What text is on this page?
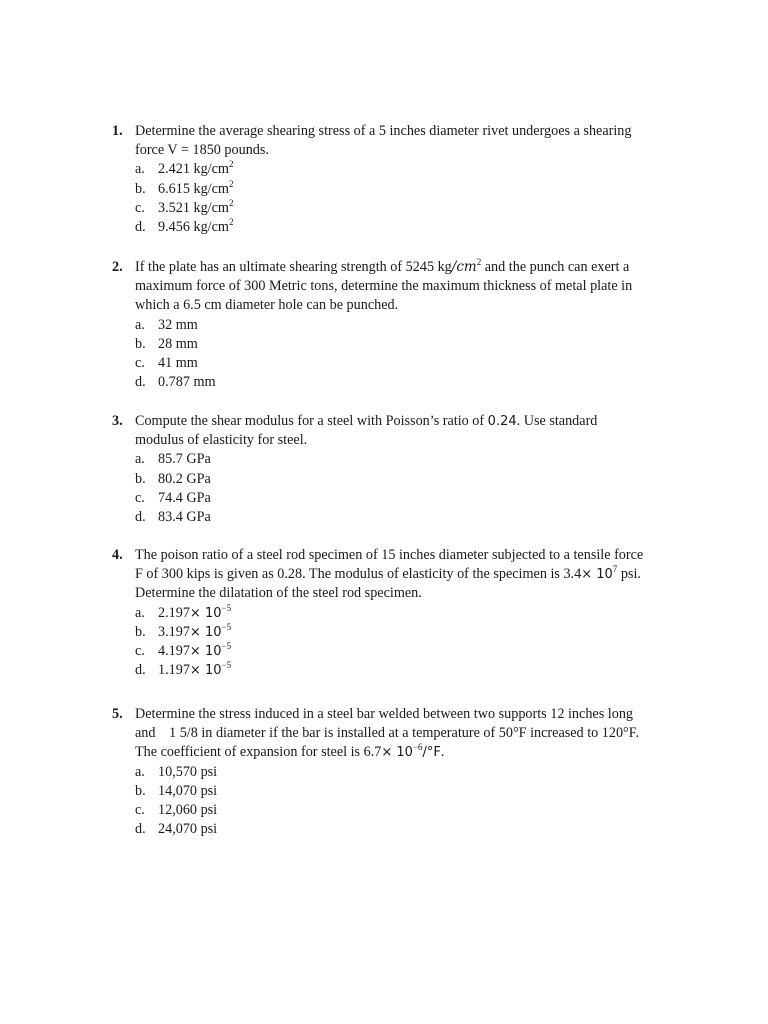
1. Determine the average shearing stress of a 5 inches diameter rivet undergoes a shearing
force V = 1850 pounds.
a. 2.421 $kg/cm^2$
b. 6.615 $kg/cm^2$
c. 3.521 $kg/cm^2$
d. 9.456 $kg/cm^2$
2. If the plate has an ultimate shearing strength of 5245 $kg/cm^2$ and the punch can exert a
maximum force of 300 Metric tons, determine the maximum thickness of metal plate in
which a 6.5 cm diameter hole can be punched.
a. 32 mm
b. 28 mm
c. 41 mm
d. 0.787 mm
3. Compute the shear modulus for a steel with Poisson’s ratio of 0.24. Use standard
modulus of elasticity for steel.
a. 85.7 GPa
b. 80.2 GPa
c. 74.4 GPa
d. 83.4 GPa
4. The poison ratio of a steel rod specimen of 15 inches diameter subjected to a tensile force
F of 300 kips is given as 0.28. The modulus of elasticity of the specimen is $3.4\times 10^7$ psi.
Determine the dilatation of the steel rod specimen.
a. $2.197\times 10^{-5}$
b. $3.197\times 10^{-5}$
c. $4.197\times 10^{-5}$
d. $1.197\times 10^{-5}$
5. Determine the stress induced in a steel bar welded between two supports 12 inches long
and 1 5/8 in diameter if the bar is installed at a temperature of 50°F increased to 120°F.
The coefficient of expansion for steel is $6.7\times 10^{-6}/^\circ F$.
a. 10,570 psi
b. 14,070 psi
c. 12,060 psi
d. 24,070 psi
